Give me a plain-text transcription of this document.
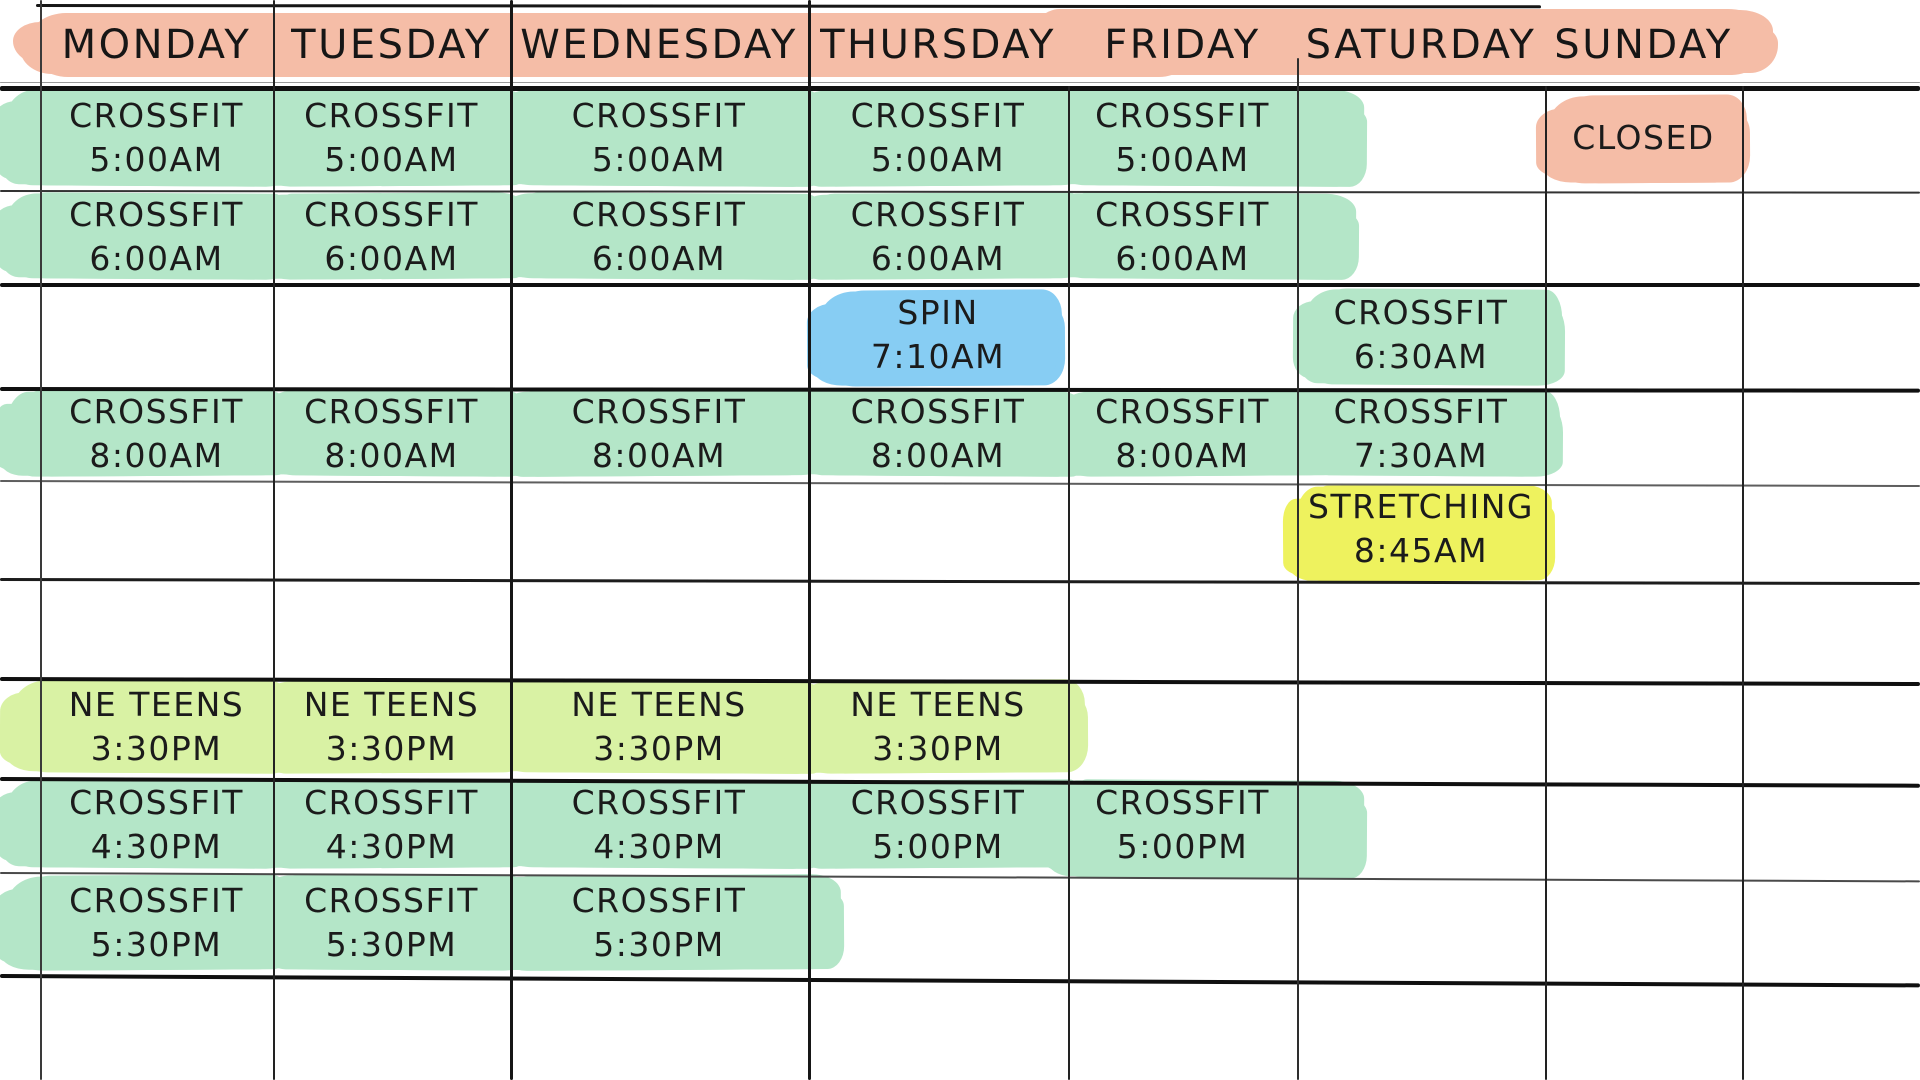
MONDAY TUESDAY WEDNESDAY THURSDAY	FRIDAY	SATURDAY SUNDAY
CROSSFIT
5:00AM
CROSSFIT
5:00AM
CROSSFIT
5:00AM
CROSSFIT
5:00AM
CROSSFIT
5:00AM
CLOSED
CROSSFIT
6:00AM
CROSSFIT
6:00AM
CROSSFIT
6:00AM
CROSSFIT
6:00AM
CROSSFIT
6:00AM
SPIN
7:10AM
CROSSFIT
6:30AM
CROSSFIT
8:00AM
CROSSFIT
8:00AM
CROSSFIT
8:00AM
CROSSFIT
8:00AM
CROSSFIT
8:00AM
CROSSFIT
7:30AM
STRETCHING
8:45AM
NE TEENS
3:30PM
NE TEENS
3:30PM
NE TEENS
3:30PM
NE TEENS
3:30PM
CROSSFIT
4:30PM
CROSSFIT
4:30PM
CROSSFIT
4:30PM
CROSSFIT
5:00PM
CROSSFIT
5:00PM
CROSSFIT
5:30PM
CROSSFIT
5:30PM
CROSSFIT
5:30PM
